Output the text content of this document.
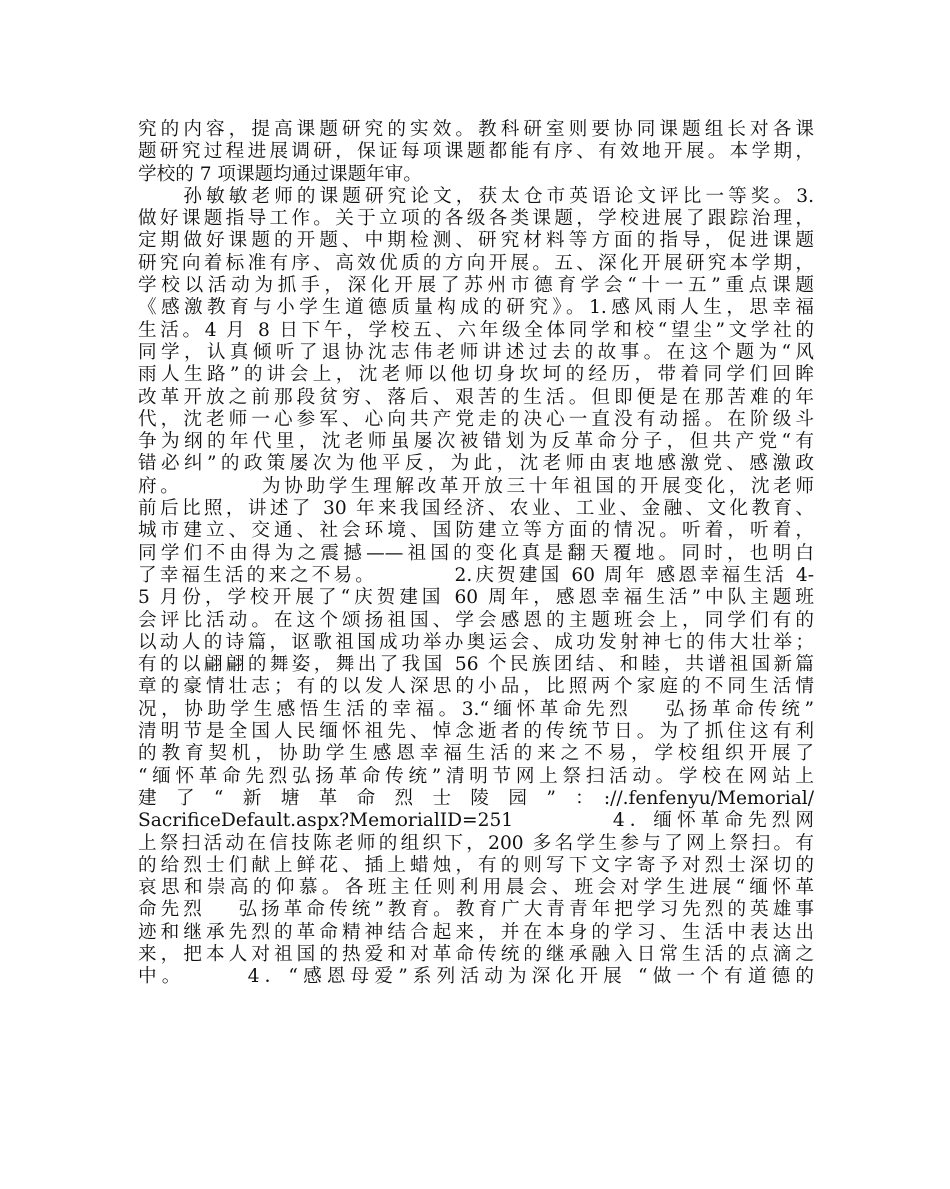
究的内容，提高课题研究的实效。教科研室则要协同课题组长对各课
题研究过程进展调研，保证每项课题都能有序、有效地开展。本学期，
学校的 7 项课题均通过课题年审。
　　孙敏敏老师的课题研究论文，获太仓市英语论文评比一等奖。3.
做好课题指导工作。关于立项的各级各类课题，学校进展了跟踪治理，
定期做好课题的开题、中期检测、研究材料等方面的指导，促进课题
研究向着标准有序、高效优质的方向开展。五、深化开展研究本学期，
学校以活动为抓手，深化开展了苏州市德育学会“十一五”重点课题
《感激教育与小学生道德质量构成的研究》。1.感风雨人生，思幸福
生活。4 月 8 日下午，学校五、六年级全体同学和校“望尘”文学社的
同学，认真倾听了退协沈志伟老师讲述过去的故事。在这个题为“风
雨人生路”的讲会上，沈老师以他切身坎坷的经历，带着同学们回眸
改革开放之前那段贫穷、落后、艰苦的生活。但即便是在那苦难的年
代，沈老师一心参军、心向共产党走的决心一直没有动摇。在阶级斗
争为纲的年代里，沈老师虽屡次被错划为反革命分子，但共产党“有
错必纠”的政策屡次为他平反，为此，沈老师由衷地感激党、感激政
府。　　　　为协助学生理解改革开放三十年祖国的开展变化，沈老师
前后比照，讲述了 30 年来我国经济、农业、工业、金融、文化教育、
城市建立、交通、社会环境、国防建立等方面的情况。听着，听着，
同学们不由得为之震撼——祖国的变化真是翻天覆地。同时，也明白
了幸福生活的来之不易。　　　　2.庆贺建国 60 周年 感恩幸福生活 4-
5 月份，学校开展了“庆贺建国 60 周年，感恩幸福生活”中队主题班
会评比活动。在这个颂扬祖国、学会感恩的主题班会上，同学们有的
以动人的诗篇，讴歌祖国成功举办奥运会、成功发射神七的伟大壮举；
有的以翩翩的舞姿，舞出了我国 56 个民族团结、和睦，共谱祖国新篇
章的豪情壮志；有的以发人深思的小品，比照两个家庭的不同生活情
况，协助学生感悟生活的幸福。3.“缅怀革命先烈　 弘扬革命传统”
清明节是全国人民缅怀祖先、悼念逝者的传统节日。为了抓住这有利
的教育契机，协助学生感恩幸福生活的来之不易，学校组织开展了
“缅怀革命先烈弘扬革命传统”清明节网上祭扫活动。学校在网站上
建　了　“　新　塘　革　命　烈　士　陵　园　”　：　://.fenfenyu/Memorial/
SacrificeDefault.aspx?MemorialID=251　　　　4．缅怀革命先烈网
上祭扫活动在信技陈老师的组织下，200 多名学生参与了网上祭扫。有
的给烈士们献上鲜花、插上蜡烛，有的则写下文字寄予对烈士深切的
哀思和崇高的仰慕。各班主任则利用晨会、班会对学生进展“缅怀革
命先烈　 弘扬革命传统”教育。教育广大青青年把学习先烈的英雄事
迹和继承先烈的革命精神结合起来，并在本身的学习、生活中表达出
来，把本人对祖国的热爱和对革命传统的继承融入日常生活的点滴之
中。　　　4．“感恩母爱”系列活动为深化开展 “做一个有道德的
